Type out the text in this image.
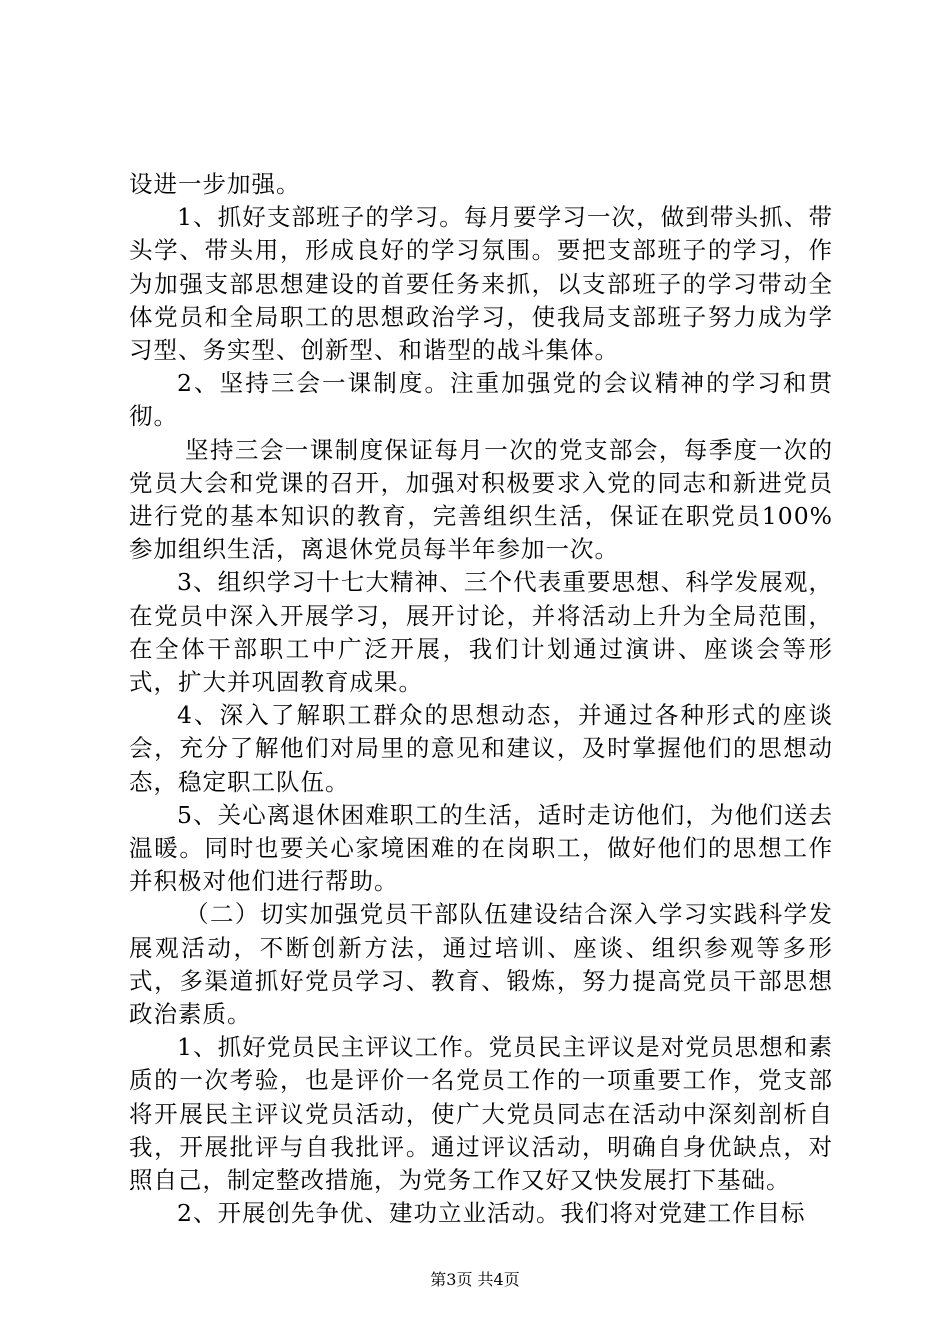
设进一步加强。

1、抓好支部班子的学习。每月要学习一次，做到带头抓、带头学、带头用，形成良好的学习氛围。要把支部班子的学习，作为加强支部思想建设的首要任务来抓，以支部班子的学习带动全体党员和全局职工的思想政治学习，使我局支部班子努力成为学习型、务实型、创新型、和谐型的战斗集体。

2、坚持三会一课制度。注重加强党的会议精神的学习和贯彻。

坚持三会一课制度保证每月一次的党支部会，每季度一次的党员大会和党课的召开，加强对积极要求入党的同志和新进党员进行党的基本知识的教育，完善组织生活，保证在职党员100%参加组织生活，离退休党员每半年参加一次。

3、组织学习十七大精神、三个代表重要思想、科学发展观，在党员中深入开展学习，展开讨论，并将活动上升为全局范围，在全体干部职工中广泛开展，我们计划通过演讲、座谈会等形式，扩大并巩固教育成果。

4、深入了解职工群众的思想动态，并通过各种形式的座谈会，充分了解他们对局里的意见和建议，及时掌握他们的思想动态，稳定职工队伍。

5、关心离退休困难职工的生活，适时走访他们，为他们送去温暖。同时也要关心家境困难的在岗职工，做好他们的思想工作并积极对他们进行帮助。

（二）切实加强党员干部队伍建设结合深入学习实践科学发展观活动，不断创新方法，通过培训、座谈、组织参观等多形式，多渠道抓好党员学习、教育、锻炼，努力提高党员干部思想政治素质。

1、抓好党员民主评议工作。党员民主评议是对党员思想和素质的一次考验，也是评价一名党员工作的一项重要工作，党支部将开展民主评议党员活动，使广大党员同志在活动中深刻剖析自我，开展批评与自我批评。通过评议活动，明确自身优缺点，对照自己，制定整改措施，为党务工作又好又快发展打下基础。

2、开展创先争优、建功立业活动。我们将对党建工作目标

第3页 共4页
